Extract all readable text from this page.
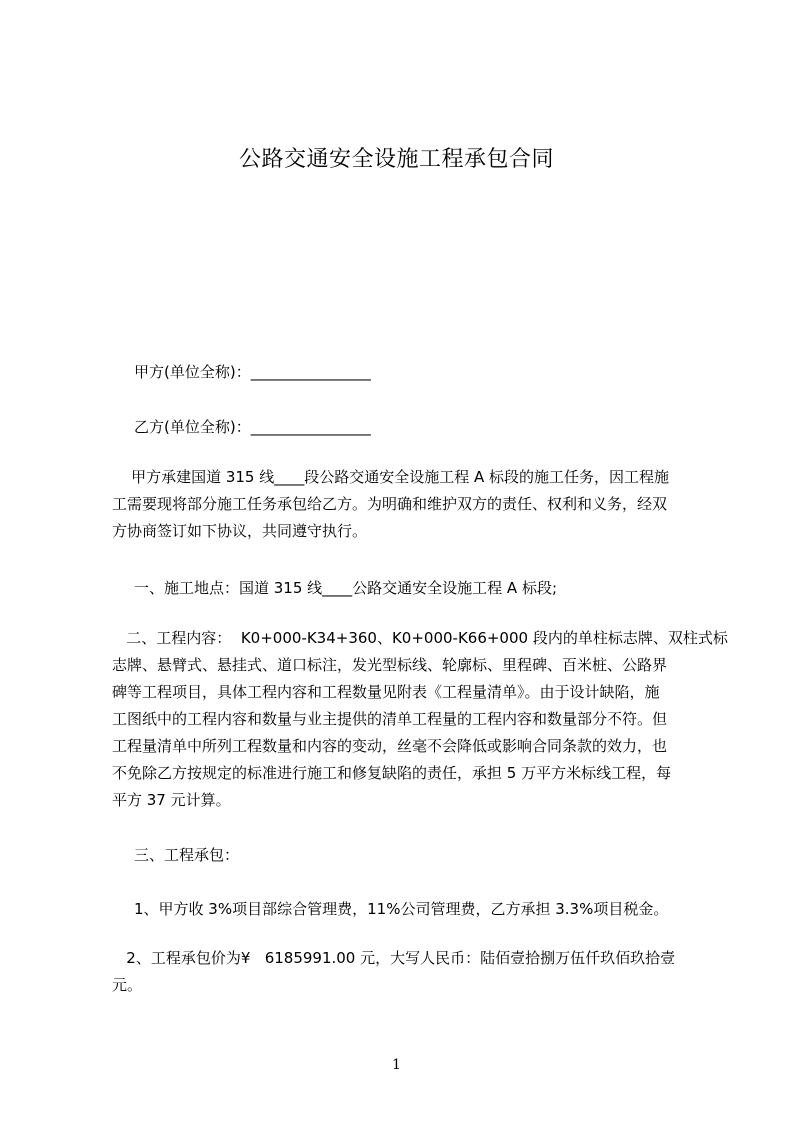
公路交通安全设施工程承包合同
甲方(单位全称)：________________
乙方(单位全称)：________________

甲方承建国道 315 线____段公路交通安全设施工程 A 标段的施工任务，因工程施

工需要现将部分施工任务承包给乙方。为明确和维护双方的责任、权利和义务，经双

方协商签订如下协议，共同遵守执行。

一、施工地点：国道 315 线____公路交通安全设施工程 A 标段;

二、工程内容：  K0+000-K34+360、K0+000-K66+000 段内的单柱标志牌、双柱式标

志牌、悬臂式、悬挂式、道口标注，发光型标线、轮廓标、里程碑、百米桩、公路界

碑等工程项目，具体工程内容和工程数量见附表《工程量清单》。由于设计缺陷，施

工图纸中的工程内容和数量与业主提供的清单工程量的工程内容和数量部分不符。但

工程量清单中所列工程数量和内容的变动，丝毫不会降低或影响合同条款的效力，也

不免除乙方按规定的标准进行施工和修复缺陷的责任，承担 5 万平方米标线工程，每

平方 37 元计算。

三、工程承包：
1、甲方收 3%项目部综合管理费，11%公司管理费，乙方承担 3.3%项目税金。

2、工程承包价为¥   6185991.00 元，大写人民币：陆佰壹拾捌万伍仟玖佰玖拾壹

元。

1
